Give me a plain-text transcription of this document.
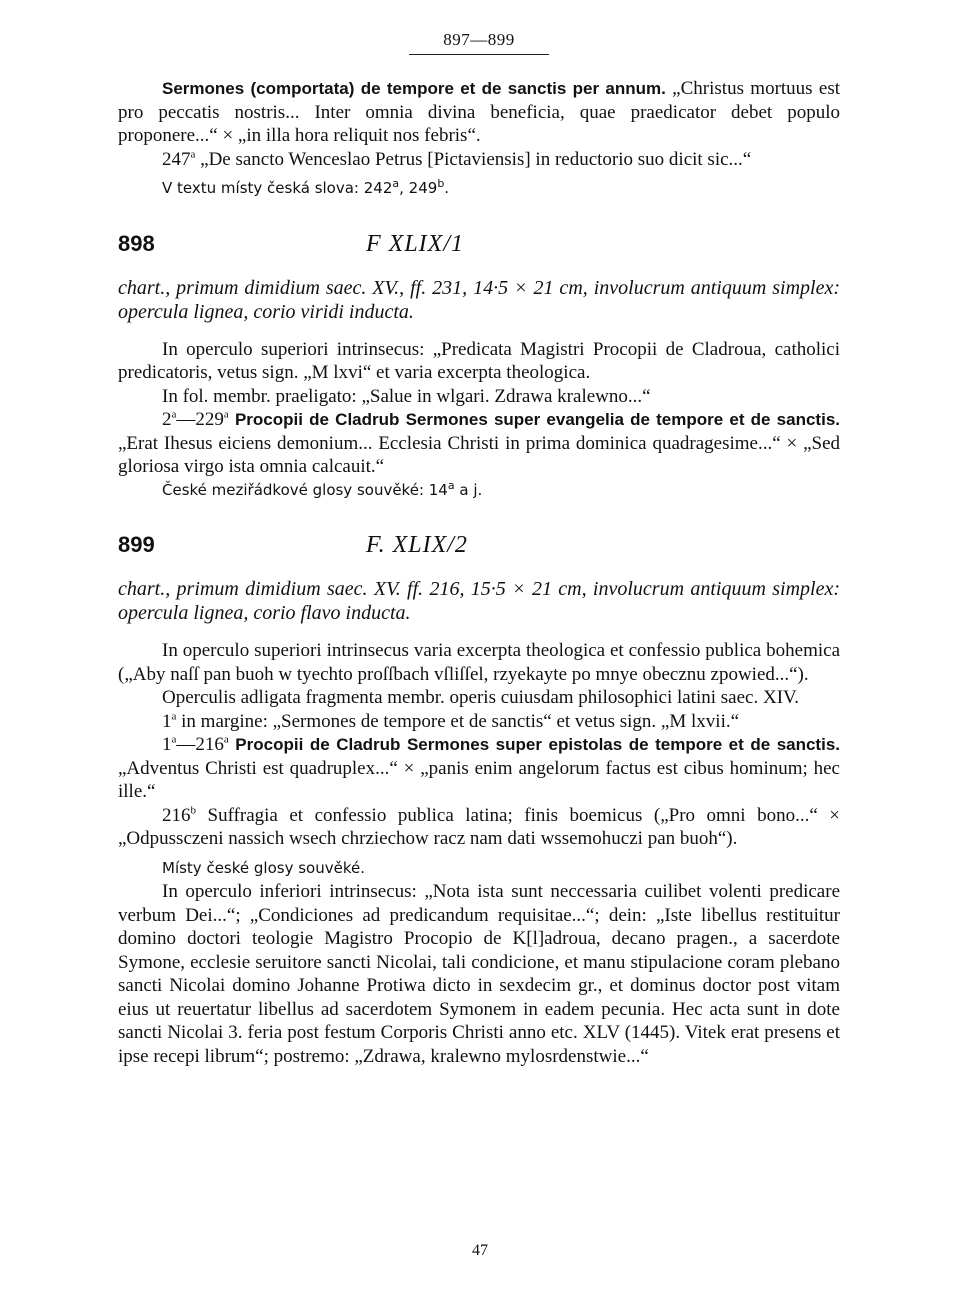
897—899

Sermones (comportata) de tempore et de sanctis per annum. „Christus mortuus est pro peccatis nostris... Inter omnia divina beneficia, quae praedicator debet populo proponere...“ × „in illa hora reliquit nos febris“.

247$^a$ „De sancto Wenceslao Petrus [Pictaviensis] in reductorio suo dicit sic...“

V textu místy česká slova: 242$^a$, 249$^b$.

898	F XLIX/1

chart., primum dimidium saec. XV., ff. 231, 14·5 × 21 cm, involucrum antiquum simplex: opercula lignea, corio viridi inducta.

In operculo superiori intrinsecus: „Predicata Magistri Procopii de Cladroua, catholici predicatoris, vetus sign. „M lxvi“ et varia excerpta theologica.

In fol. membr. praeligato: „Salue in wlgari. Zdrawa kralewno...“

2$^a$—229$^a$ Procopii de Cladrub Sermones super evangelia de tempore et de sanctis. „Erat Ihesus eiciens demonium... Ecclesia Christi in prima dominica quadragesime...“ × „Sed gloriosa virgo ista omnia calcauit.“

České meziřádkové glosy souvěké: 14$^a$ a j.

899	F. XLIX/2

chart., primum dimidium saec. XV. ff. 216, 15·5 × 21 cm, involucrum antiquum simplex: opercula lignea, corio flavo inducta.

In operculo superiori intrinsecus varia excerpta theologica et confessio publica bohemica („Aby naſſ pan buoh w tyechto proſſbach vſliſſel, rzyekayte po mnye obecznu zpowied...“).

Operculis adligata fragmenta membr. operis cuiusdam philosophici latini saec. XIV.

1$^a$ in margine: „Sermones de tempore et de sanctis“ et vetus sign. „M lxvii.“

1$^a$—216$^a$ Procopii de Cladrub Sermones super epistolas de tempore et de sanctis. „Adventus Christi est quadruplex...“ × „panis enim angelorum factus est cibus hominum; hec ille.“

216$^b$ Suffragia et confessio publica latina; finis boemicus („Pro omni bono...“ × „Odpussczeni nassich wsech chrziechow racz nam dati wssemohuczi pan buoh“).

Místy české glosy souvěké.

In operculo inferiori intrinsecus: „Nota ista sunt neccessaria cuilibet volenti predicare verbum Dei...“; „Condiciones ad predicandum requisitae...“; dein: „Iste libellus restituitur domino doctori teologie Magistro Procopio de K[l]adroua, decano pragen., a sacerdote Symone, ecclesie seruitore sancti Nicolai, tali condicione, et manu stipulacione coram plebano sancti Nicolai domino Johanne Protiwa dicto in sexdecim gr., et dominus doctor post vitam eius ut reuertatur libellus ad sacerdotem Symonem in eadem pecunia. Hec acta sunt in dote sancti Nicolai 3. feria post festum Corporis Christi anno etc. XLV (1445). Vitek erat presens et ipse recepi librum“; postremo: „Zdrawa, kralewno mylosrdenstwie...“

47
